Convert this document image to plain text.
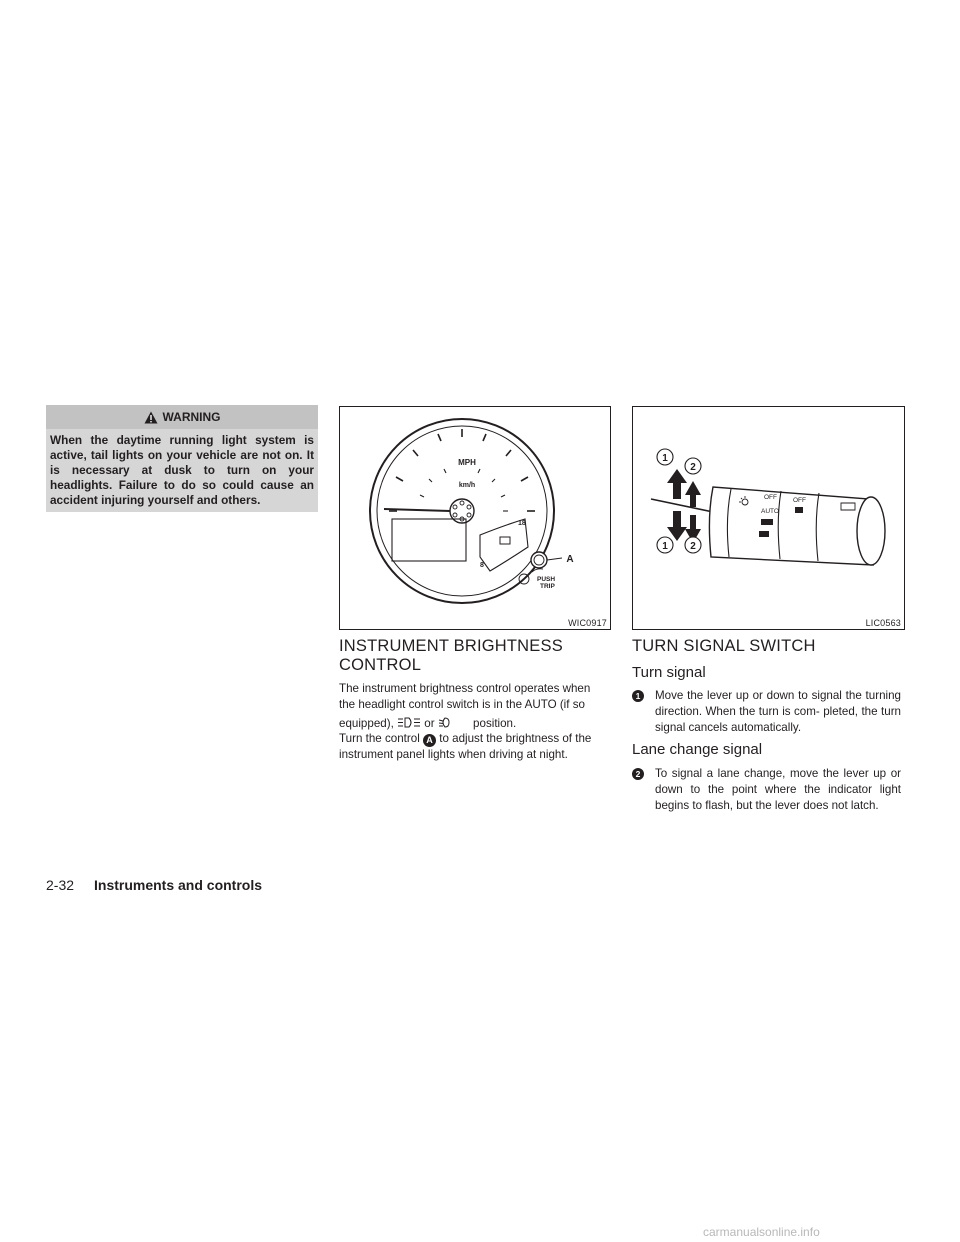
WARNING
When the daytime running light system is active, tail lights on your vehicle are not on. It is necessary at dusk to turn on your headlights. Failure to do so could cause an accident injuring yourself and others.
MPH
km/h
18
8
A
PUSH
TRIP
WIC0917
OFF
AUTO
OFF
1
2
1 2
LIC0563
INSTRUMENT BRIGHTNESS
CONTROL
The instrument brightness control operates when
the headlight control switch is in the AUTO (if so
equipped),	or	position.
Turn the control A to adjust the brightness of the
instrument panel lights when driving at night.
TURN SIGNAL SWITCH
Turn signal
1	Move the lever up or down to signal the turning direction. When the turn is com- pleted, the turn signal cancels automatically.
Lane change signal
2	To signal a lane change, move the lever up or down to the point where the indicator light begins to flash, but the lever does not latch.
2-32 Instruments and controls
carmanualsonline.info
